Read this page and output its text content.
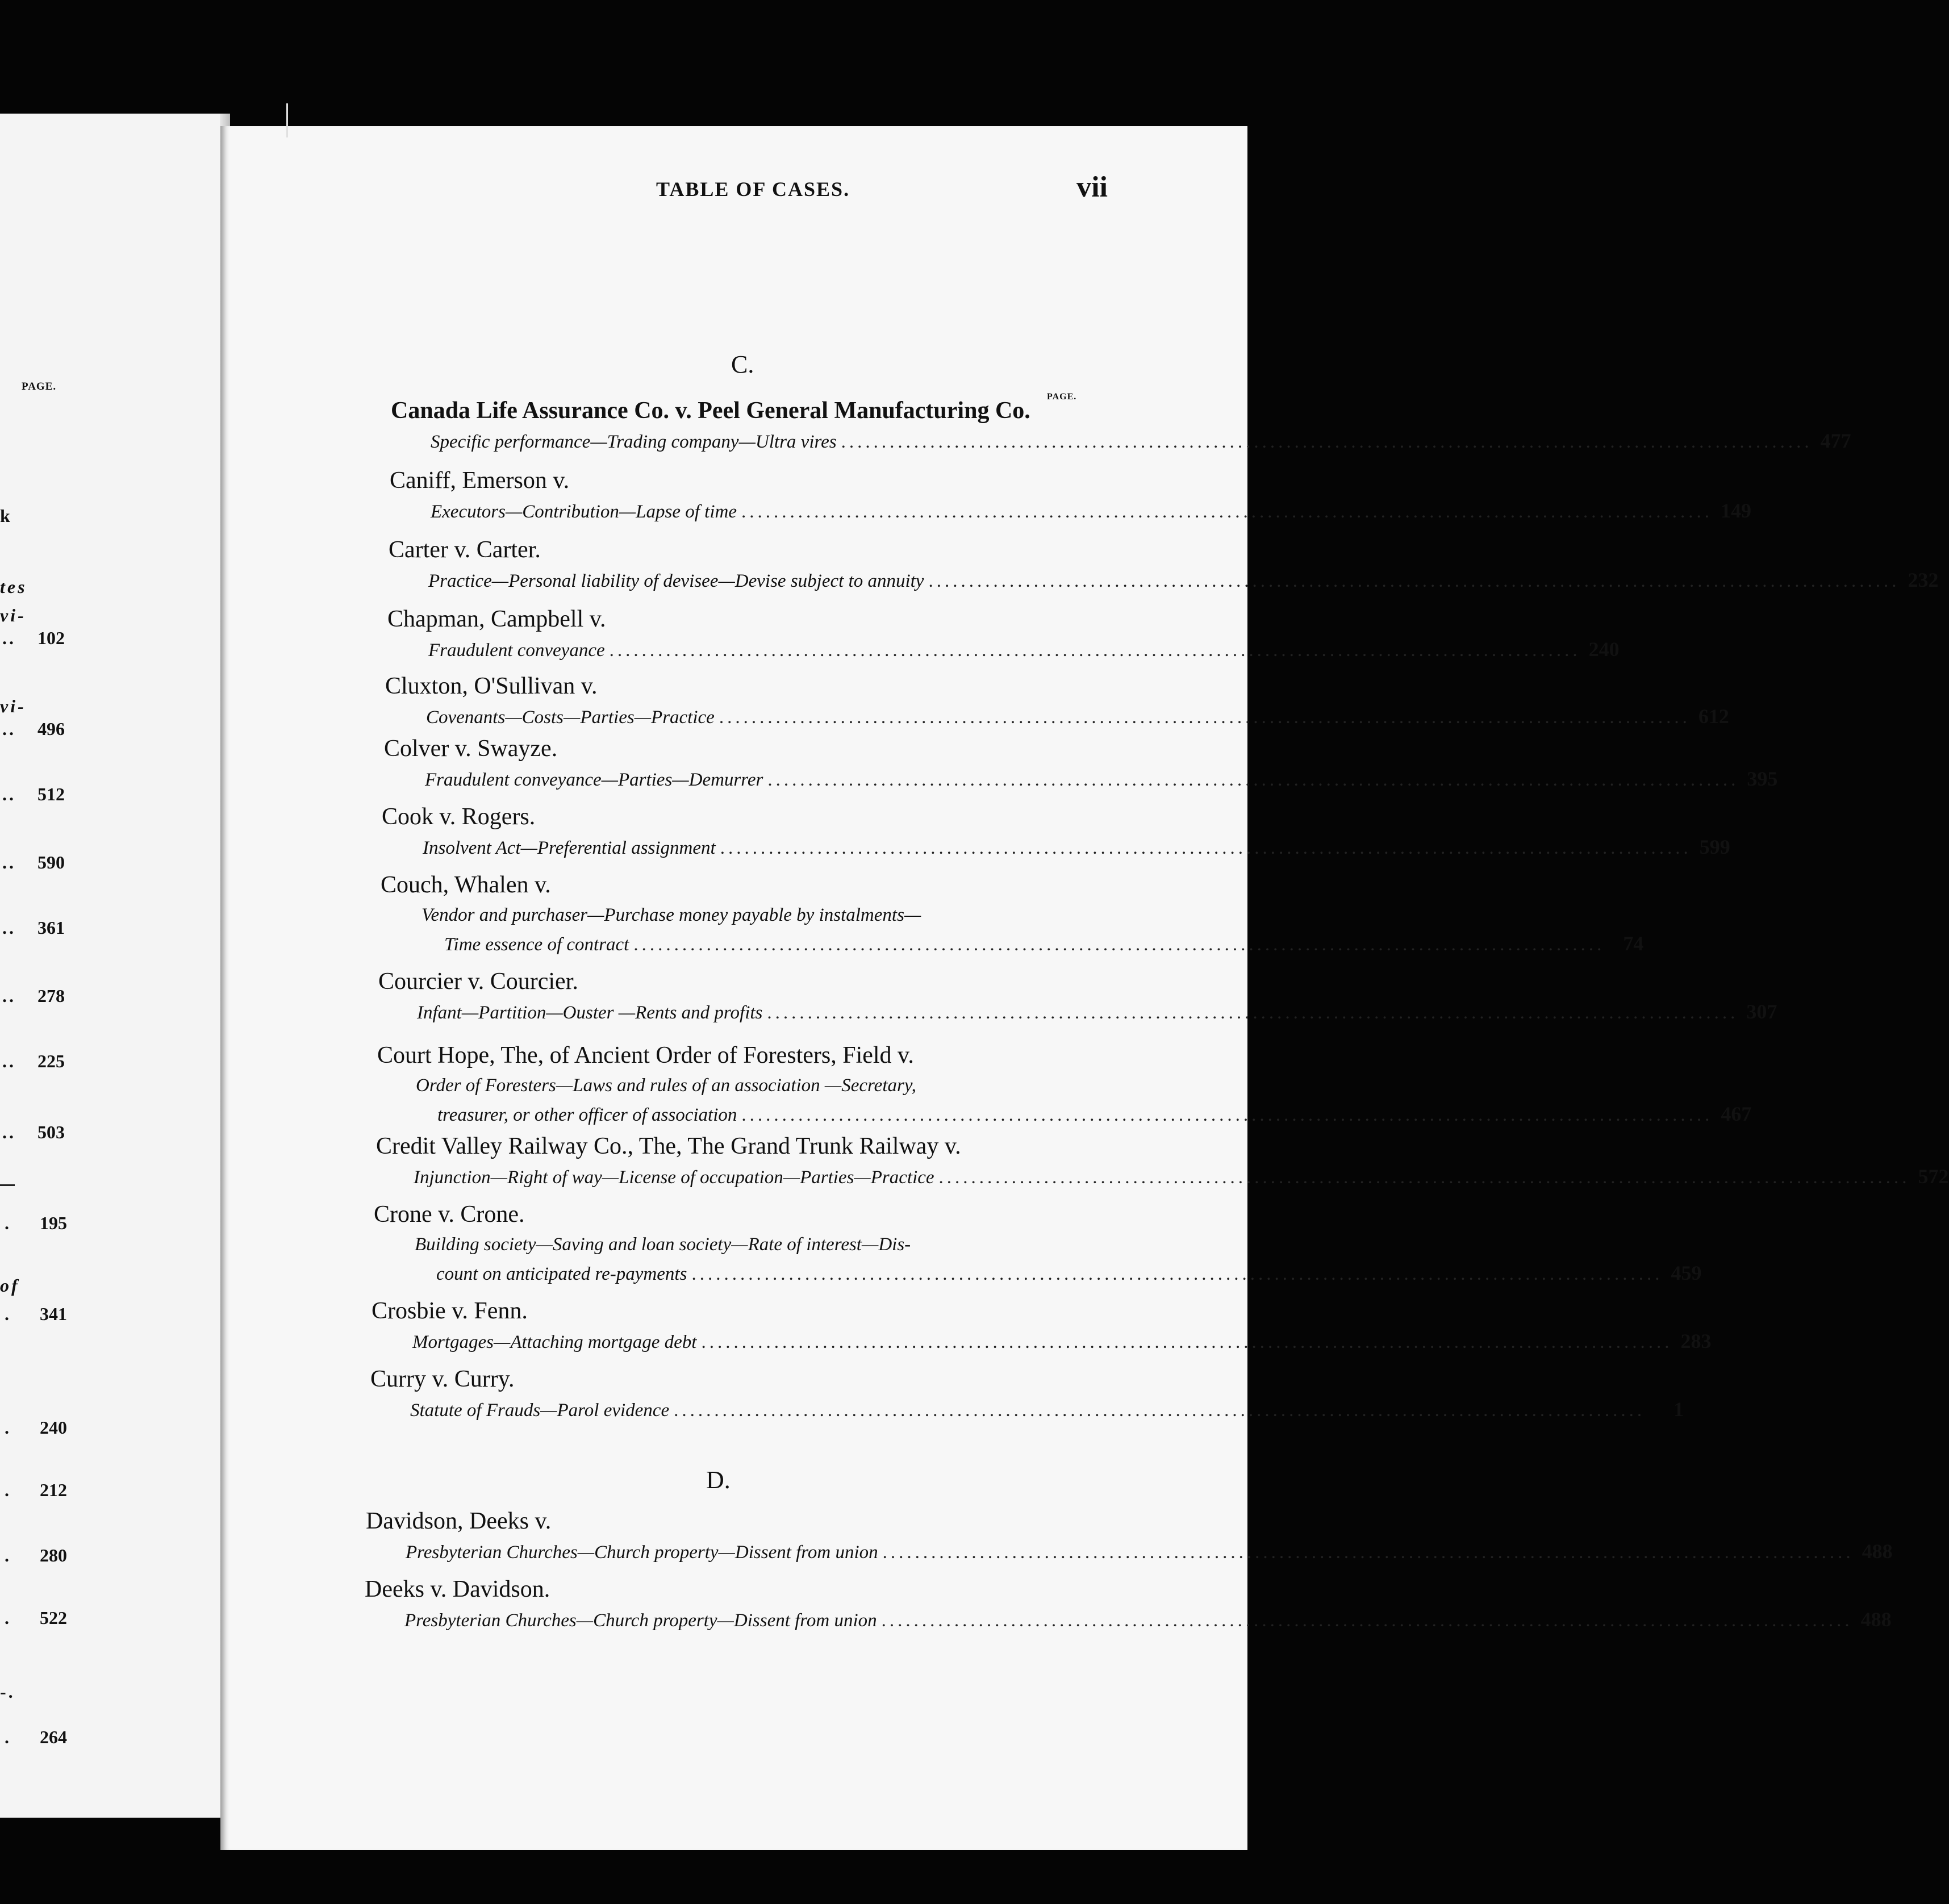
PAGE.
k
tes
vi-
.. 102
vi-
.. 496
.. 512
.. 590
.. 361
.. 278
.. 225
.. 503
. 195
of
. 341
. 240
. 212
. 280
. 522
-.
. 264
TABLE OF CASES.	vii
C.
PAGE.
Canada Life Assurance Co. v. Peel General Manufacturing Co.
Specific performance—Trading company—Ultra vires ........................................................................................................................ 477
Caniff, Emerson v.
Executors—Contribution—Lapse of time ........................................................................................................................ 149
Carter v. Carter.
Practice—Personal liability of devisee—Devise subject to annuity ........................................................................................................................ 232
Chapman, Campbell v.
Fraudulent conveyance ........................................................................................................................ 240
Cluxton, O'Sullivan v.
Covenants—Costs—Parties—Practice ........................................................................................................................ 612
Colver v. Swayze.
Fraudulent conveyance—Parties—Demurrer ........................................................................................................................ 395
Cook v. Rogers.
Insolvent Act—Preferential assignment ........................................................................................................................ 599
Couch, Whalen v.
Vendor and purchaser—Purchase money payable by instalments—
Time essence of contract ........................................................................................................................ 74
Courcier v. Courcier.
Infant—Partition—Ouster —Rents and profits ........................................................................................................................ 307
Court Hope, The, of Ancient Order of Foresters, Field v.
Order of Foresters—Laws and rules of an association —Secretary,
treasurer, or other officer of association ........................................................................................................................ 467
Credit Valley Railway Co., The, The Grand Trunk Railway v.
Injunction—Right of way—License of occupation—Parties—Practice ........................................................................................................................ 572
Crone v. Crone.
Building society—Saving and loan society—Rate of interest—Dis-
count on anticipated re-payments ........................................................................................................................ 459
Crosbie v. Fenn.
Mortgages—Attaching mortgage debt ........................................................................................................................ 283
Curry v. Curry.
Statute of Frauds—Parol evidence ........................................................................................................................	1
D.
Davidson, Deeks v.
Presbyterian Churches—Church property—Dissent from union ........................................................................................................................ 488
Deeks v. Davidson.
Presbyterian Churches—Church property—Dissent from union ........................................................................................................................ 488
